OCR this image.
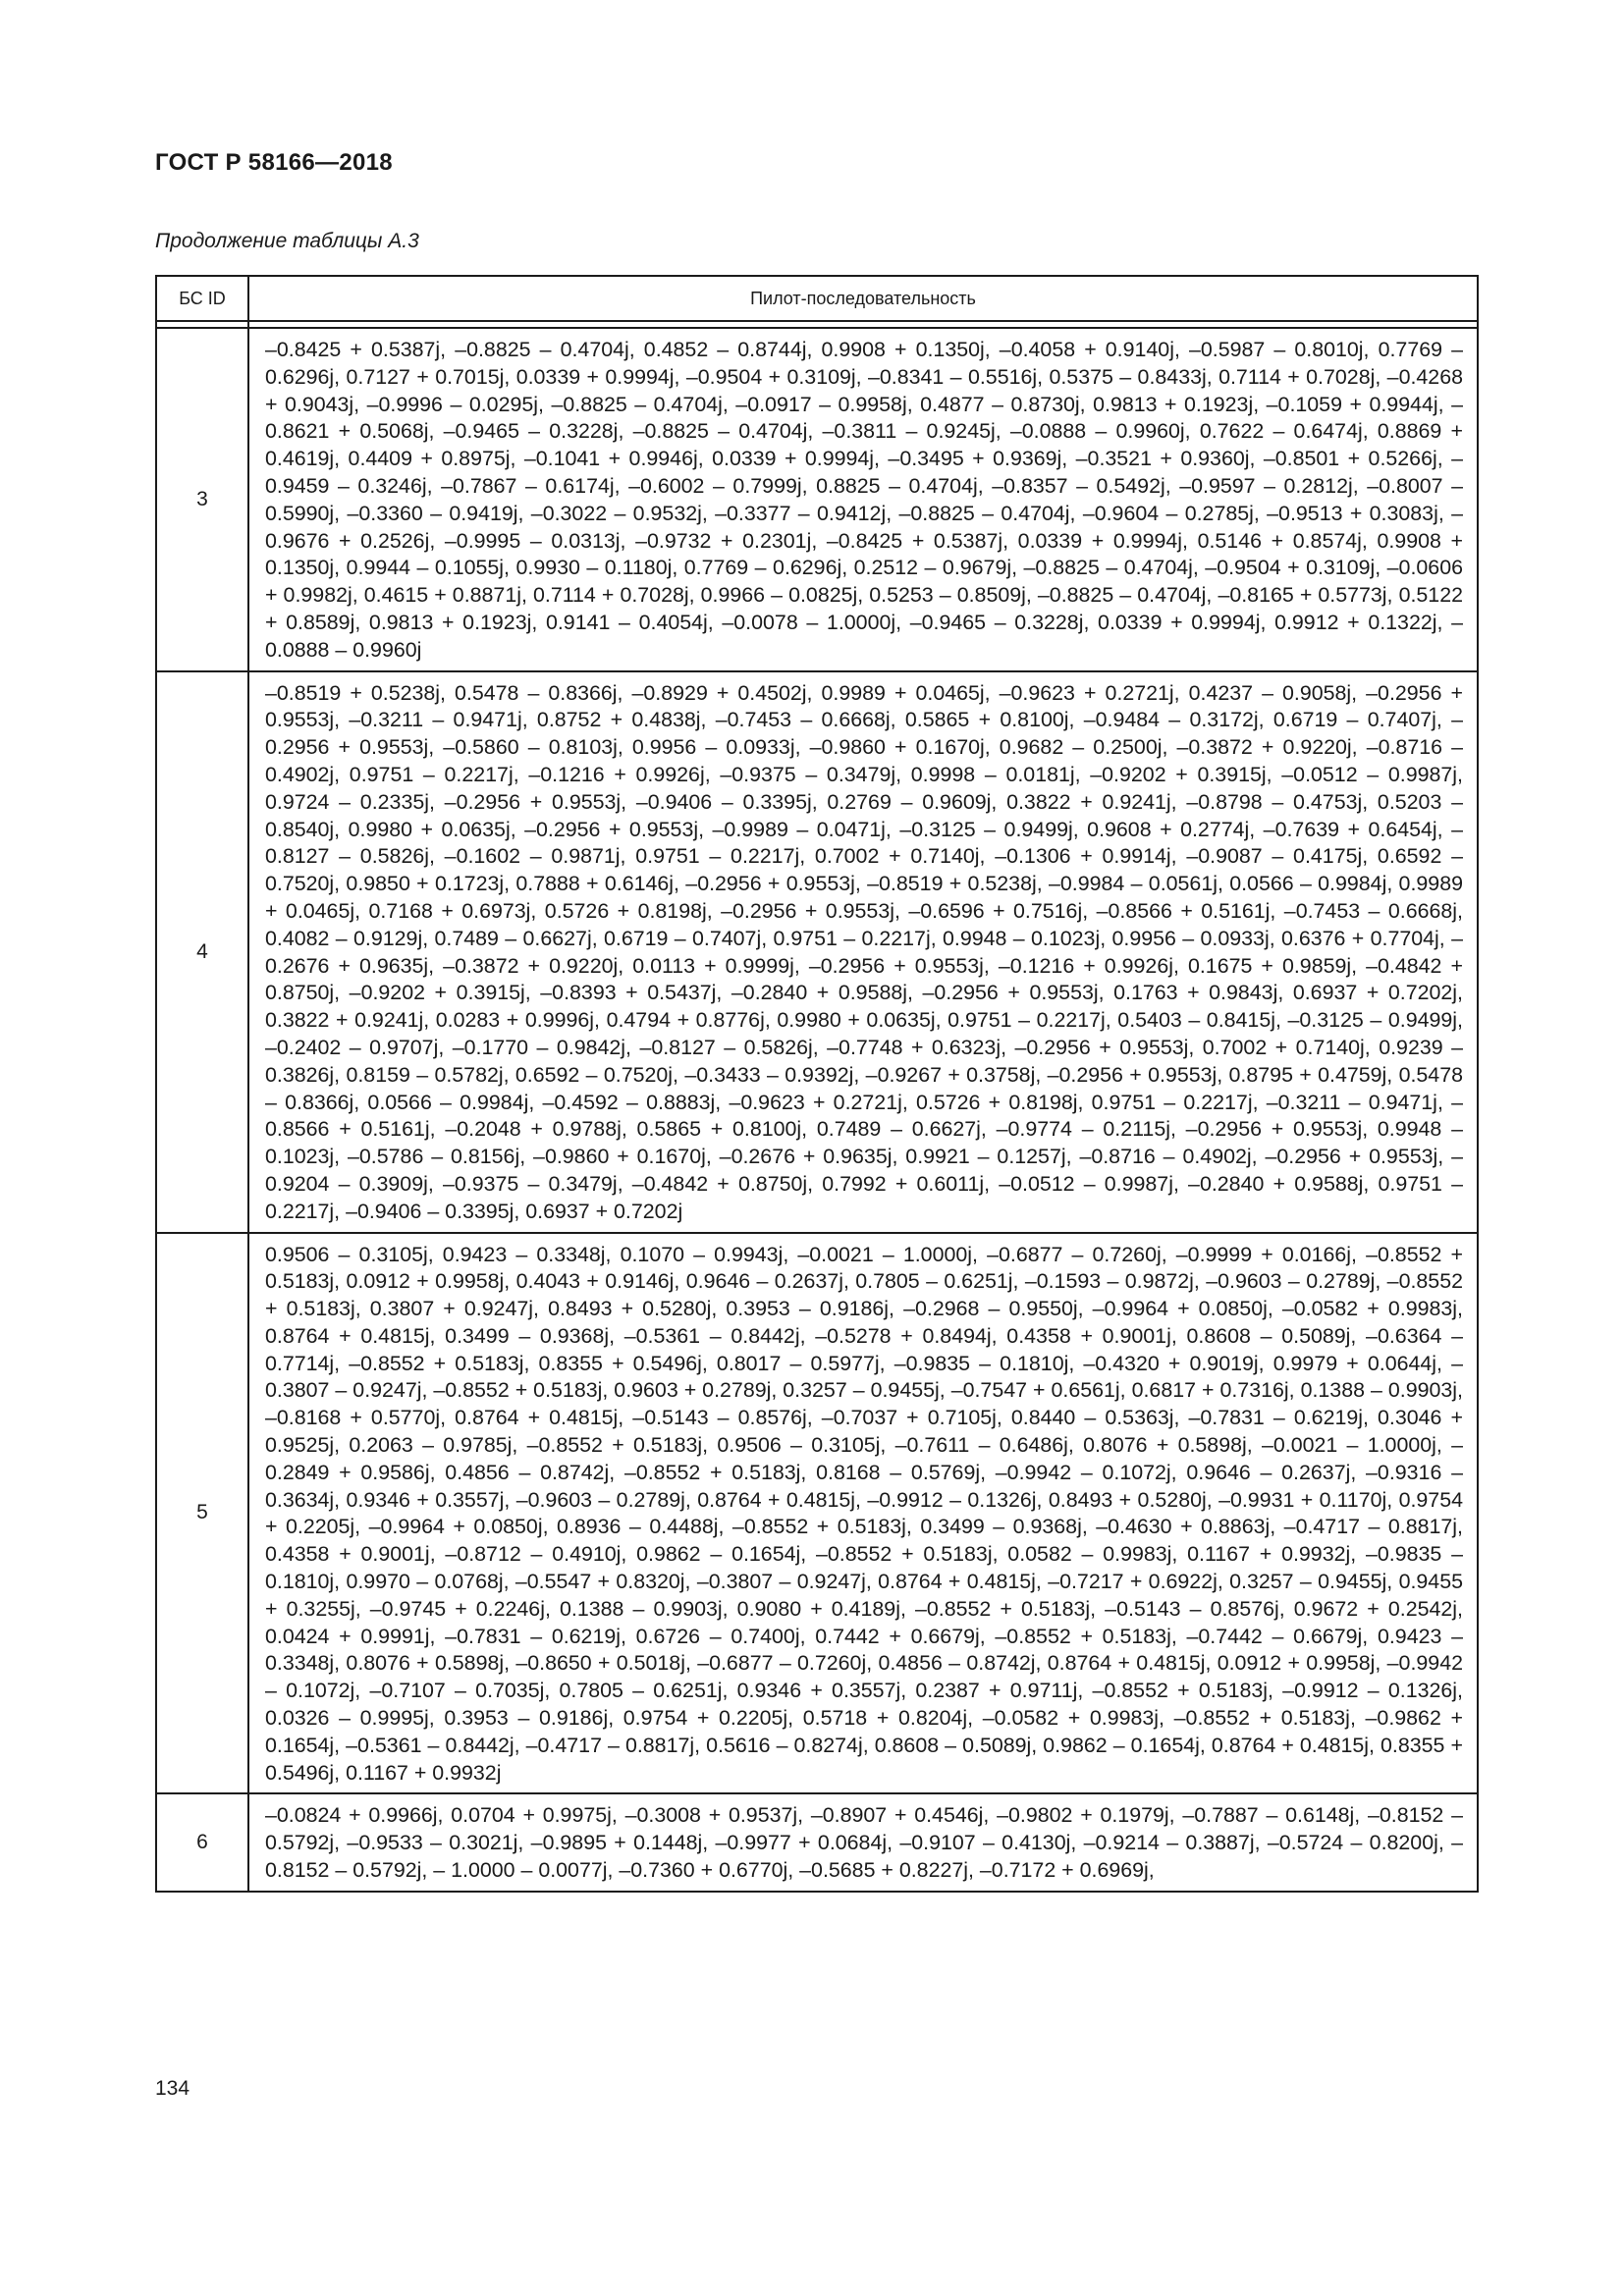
ГОСТ Р 58166—2018
Продолжение таблицы А.3
БС ID	Пилот-последовательность

3	–0.8425 + 0.5387j, –0.8825 – 0.4704j, 0.4852 – 0.8744j, 0.9908 + 0.1350j, –0.4058 + 0.9140j, –0.5987 – 0.8010j, 0.7769 – 0.6296j, 0.7127 + 0.7015j, 0.0339 + 0.9994j, –0.9504 + 0.3109j, –0.8341 – 0.5516j, 0.5375 – 0.8433j, 0.7114 + 0.7028j, –0.4268 + 0.9043j, –0.9996 – 0.0295j, –0.8825 – 0.4704j, –0.0917 – 0.9958j, 0.4877 – 0.8730j, 0.9813 + 0.1923j, –0.1059 + 0.9944j, –0.8621 + 0.5068j, –0.9465 – 0.3228j, –0.8825 – 0.4704j, –0.3811 – 0.9245j, –0.0888 – 0.9960j, 0.7622 – 0.6474j, 0.8869 + 0.4619j, 0.4409 + 0.8975j, –0.1041 + 0.9946j, 0.0339 + 0.9994j, –0.3495 + 0.9369j, –0.3521 + 0.9360j, –0.8501 + 0.5266j, –0.9459 – 0.3246j, –0.7867 – 0.6174j, –0.6002 – 0.7999j, 0.8825 – 0.4704j, –0.8357 – 0.5492j, –0.9597 – 0.2812j, –0.8007 – 0.5990j, –0.3360 – 0.9419j, –0.3022 – 0.9532j, –0.3377 – 0.9412j, –0.8825 – 0.4704j, –0.9604 – 0.2785j, –0.9513 + 0.3083j, –0.9676 + 0.2526j, –0.9995 – 0.0313j, –0.9732 + 0.2301j, –0.8425 + 0.5387j, 0.0339 + 0.9994j, 0.5146 + 0.8574j, 0.9908 + 0.1350j, 0.9944 – 0.1055j, 0.9930 – 0.1180j, 0.7769 – 0.6296j, 0.2512 – 0.9679j, –0.8825 – 0.4704j, –0.9504 + 0.3109j, –0.0606 + 0.9982j, 0.4615 + 0.8871j, 0.7114 + 0.7028j, 0.9966 – 0.0825j, 0.5253 – 0.8509j, –0.8825 – 0.4704j, –0.8165 + 0.5773j, 0.5122 + 0.8589j, 0.9813 + 0.1923j, 0.9141 – 0.4054j, –0.0078 – 1.0000j, –0.9465 – 0.3228j, 0.0339 + 0.9994j, 0.9912 + 0.1322j, –0.0888 – 0.9960j
4	–0.8519 + 0.5238j, 0.5478 – 0.8366j, –0.8929 + 0.4502j, 0.9989 + 0.0465j, –0.9623 + 0.2721j, 0.4237 – 0.9058j, –0.2956 + 0.9553j, –0.3211 – 0.9471j, 0.8752 + 0.4838j, –0.7453 – 0.6668j, 0.5865 + 0.8100j, –0.9484 – 0.3172j, 0.6719 – 0.7407j, –0.2956 + 0.9553j, –0.5860 – 0.8103j, 0.9956 – 0.0933j, –0.9860 + 0.1670j, 0.9682 – 0.2500j, –0.3872 + 0.9220j, –0.8716 – 0.4902j, 0.9751 – 0.2217j, –0.1216 + 0.9926j, –0.9375 – 0.3479j, 0.9998 – 0.0181j, –0.9202 + 0.3915j, –0.0512 – 0.9987j, 0.9724 – 0.2335j, –0.2956 + 0.9553j, –0.9406 – 0.3395j, 0.2769 – 0.9609j, 0.3822 + 0.9241j, –0.8798 – 0.4753j, 0.5203 – 0.8540j, 0.9980 + 0.0635j, –0.2956 + 0.9553j, –0.9989 – 0.0471j, –0.3125 – 0.9499j, 0.9608 + 0.2774j, –0.7639 + 0.6454j, –0.8127 – 0.5826j, –0.1602 – 0.9871j, 0.9751 – 0.2217j, 0.7002 + 0.7140j, –0.1306 + 0.9914j, –0.9087 – 0.4175j, 0.6592 – 0.7520j, 0.9850 + 0.1723j, 0.7888 + 0.6146j, –0.2956 + 0.9553j, –0.8519 + 0.5238j, –0.9984 – 0.0561j, 0.0566 – 0.9984j, 0.9989 + 0.0465j, 0.7168 + 0.6973j, 0.5726 + 0.8198j, –0.2956 + 0.9553j, –0.6596 + 0.7516j, –0.8566 + 0.5161j, –0.7453 – 0.6668j, 0.4082 – 0.9129j, 0.7489 – 0.6627j, 0.6719 – 0.7407j, 0.9751 – 0.2217j, 0.9948 – 0.1023j, 0.9956 – 0.0933j, 0.6376 + 0.7704j, –0.2676 + 0.9635j, –0.3872 + 0.9220j, 0.0113 + 0.9999j, –0.2956 + 0.9553j, –0.1216 + 0.9926j, 0.1675 + 0.9859j, –0.4842 + 0.8750j, –0.9202 + 0.3915j, –0.8393 + 0.5437j, –0.2840 + 0.9588j, –0.2956 + 0.9553j, 0.1763 + 0.9843j, 0.6937 + 0.7202j, 0.3822 + 0.9241j, 0.0283 + 0.9996j, 0.4794 + 0.8776j, 0.9980 + 0.0635j, 0.9751 – 0.2217j, 0.5403 – 0.8415j, –0.3125 – 0.9499j, –0.2402 – 0.9707j, –0.1770 – 0.9842j, –0.8127 – 0.5826j, –0.7748 + 0.6323j, –0.2956 + 0.9553j, 0.7002 + 0.7140j, 0.9239 – 0.3826j, 0.8159 – 0.5782j, 0.6592 – 0.7520j, –0.3433 – 0.9392j, –0.9267 + 0.3758j, –0.2956 + 0.9553j, 0.8795 + 0.4759j, 0.5478 – 0.8366j, 0.0566 – 0.9984j, –0.4592 – 0.8883j, –0.9623 + 0.2721j, 0.5726 + 0.8198j, 0.9751 – 0.2217j, –0.3211 – 0.9471j, –0.8566 + 0.5161j, –0.2048 + 0.9788j, 0.5865 + 0.8100j, 0.7489 – 0.6627j, –0.9774 – 0.2115j, –0.2956 + 0.9553j, 0.9948 – 0.1023j, –0.5786 – 0.8156j, –0.9860 + 0.1670j, –0.2676 + 0.9635j, 0.9921 – 0.1257j, –0.8716 – 0.4902j, –0.2956 + 0.9553j, –0.9204 – 0.3909j, –0.9375 – 0.3479j, –0.4842 + 0.8750j, 0.7992 + 0.6011j, –0.0512 – 0.9987j, –0.2840 + 0.9588j, 0.9751 – 0.2217j, –0.9406 – 0.3395j, 0.6937 + 0.7202j
5	0.9506 – 0.3105j, 0.9423 – 0.3348j, 0.1070 – 0.9943j, –0.0021 – 1.0000j, –0.6877 – 0.7260j, –0.9999 + 0.0166j, –0.8552 + 0.5183j, 0.0912 + 0.9958j, 0.4043 + 0.9146j, 0.9646 – 0.2637j, 0.7805 – 0.6251j, –0.1593 – 0.9872j, –0.9603 – 0.2789j, –0.8552 + 0.5183j, 0.3807 + 0.9247j, 0.8493 + 0.5280j, 0.3953 – 0.9186j, –0.2968 – 0.9550j, –0.9964 + 0.0850j, –0.0582 + 0.9983j, 0.8764 + 0.4815j, 0.3499 – 0.9368j, –0.5361 – 0.8442j, –0.5278 + 0.8494j, 0.4358 + 0.9001j, 0.8608 – 0.5089j, –0.6364 – 0.7714j, –0.8552 + 0.5183j, 0.8355 + 0.5496j, 0.8017 – 0.5977j, –0.9835 – 0.1810j, –0.4320 + 0.9019j, 0.9979 + 0.0644j, –0.3807 – 0.9247j, –0.8552 + 0.5183j, 0.9603 + 0.2789j, 0.3257 – 0.9455j, –0.7547 + 0.6561j, 0.6817 + 0.7316j, 0.1388 – 0.9903j, –0.8168 + 0.5770j, 0.8764 + 0.4815j, –0.5143 – 0.8576j, –0.7037 + 0.7105j, 0.8440 – 0.5363j, –0.7831 – 0.6219j, 0.3046 + 0.9525j, 0.2063 – 0.9785j, –0.8552 + 0.5183j, 0.9506 – 0.3105j, –0.7611 – 0.6486j, 0.8076 + 0.5898j, –0.0021 – 1.0000j, –0.2849 + 0.9586j, 0.4856 – 0.8742j, –0.8552 + 0.5183j, 0.8168 – 0.5769j, –0.9942 – 0.1072j, 0.9646 – 0.2637j, –0.9316 – 0.3634j, 0.9346 + 0.3557j, –0.9603 – 0.2789j, 0.8764 + 0.4815j, –0.9912 – 0.1326j, 0.8493 + 0.5280j, –0.9931 + 0.1170j, 0.9754 + 0.2205j, –0.9964 + 0.0850j, 0.8936 – 0.4488j, –0.8552 + 0.5183j, 0.3499 – 0.9368j, –0.4630 + 0.8863j, –0.4717 – 0.8817j, 0.4358 + 0.9001j, –0.8712 – 0.4910j, 0.9862 – 0.1654j, –0.8552 + 0.5183j, 0.0582 – 0.9983j, 0.1167 + 0.9932j, –0.9835 – 0.1810j, 0.9970 – 0.0768j, –0.5547 + 0.8320j, –0.3807 – 0.9247j, 0.8764 + 0.4815j, –0.7217 + 0.6922j, 0.3257 – 0.9455j, 0.9455 + 0.3255j, –0.9745 + 0.2246j, 0.1388 – 0.9903j, 0.9080 + 0.4189j, –0.8552 + 0.5183j, –0.5143 – 0.8576j, 0.9672 + 0.2542j, 0.0424 + 0.9991j, –0.7831 – 0.6219j, 0.6726 – 0.7400j, 0.7442 + 0.6679j, –0.8552 + 0.5183j, –0.7442 – 0.6679j, 0.9423 – 0.3348j, 0.8076 + 0.5898j, –0.8650 + 0.5018j, –0.6877 – 0.7260j, 0.4856 – 0.8742j, 0.8764 + 0.4815j, 0.0912 + 0.9958j, –0.9942 – 0.1072j, –0.7107 – 0.7035j, 0.7805 – 0.6251j, 0.9346 + 0.3557j, 0.2387 + 0.9711j, –0.8552 + 0.5183j, –0.9912 – 0.1326j, 0.0326 – 0.9995j, 0.3953 – 0.9186j, 0.9754 + 0.2205j, 0.5718 + 0.8204j, –0.0582 + 0.9983j, –0.8552 + 0.5183j, –0.9862 + 0.1654j, –0.5361 – 0.8442j, –0.4717 – 0.8817j, 0.5616 – 0.8274j, 0.8608 – 0.5089j, 0.9862 – 0.1654j, 0.8764 + 0.4815j, 0.8355 + 0.5496j, 0.1167 + 0.9932j
6	–0.0824 + 0.9966j, 0.0704 + 0.9975j, –0.3008 + 0.9537j, –0.8907 + 0.4546j, –0.9802 + 0.1979j, –0.7887 – 0.6148j, –0.8152 – 0.5792j, –0.9533 – 0.3021j, –0.9895 + 0.1448j, –0.9977 + 0.0684j, –0.9107 – 0.4130j, –0.9214 – 0.3887j, –0.5724 – 0.8200j, –0.8152 – 0.5792j, – 1.0000 – 0.0077j, –0.7360 + 0.6770j, –0.5685 + 0.8227j, –0.7172 + 0.6969j,
134
